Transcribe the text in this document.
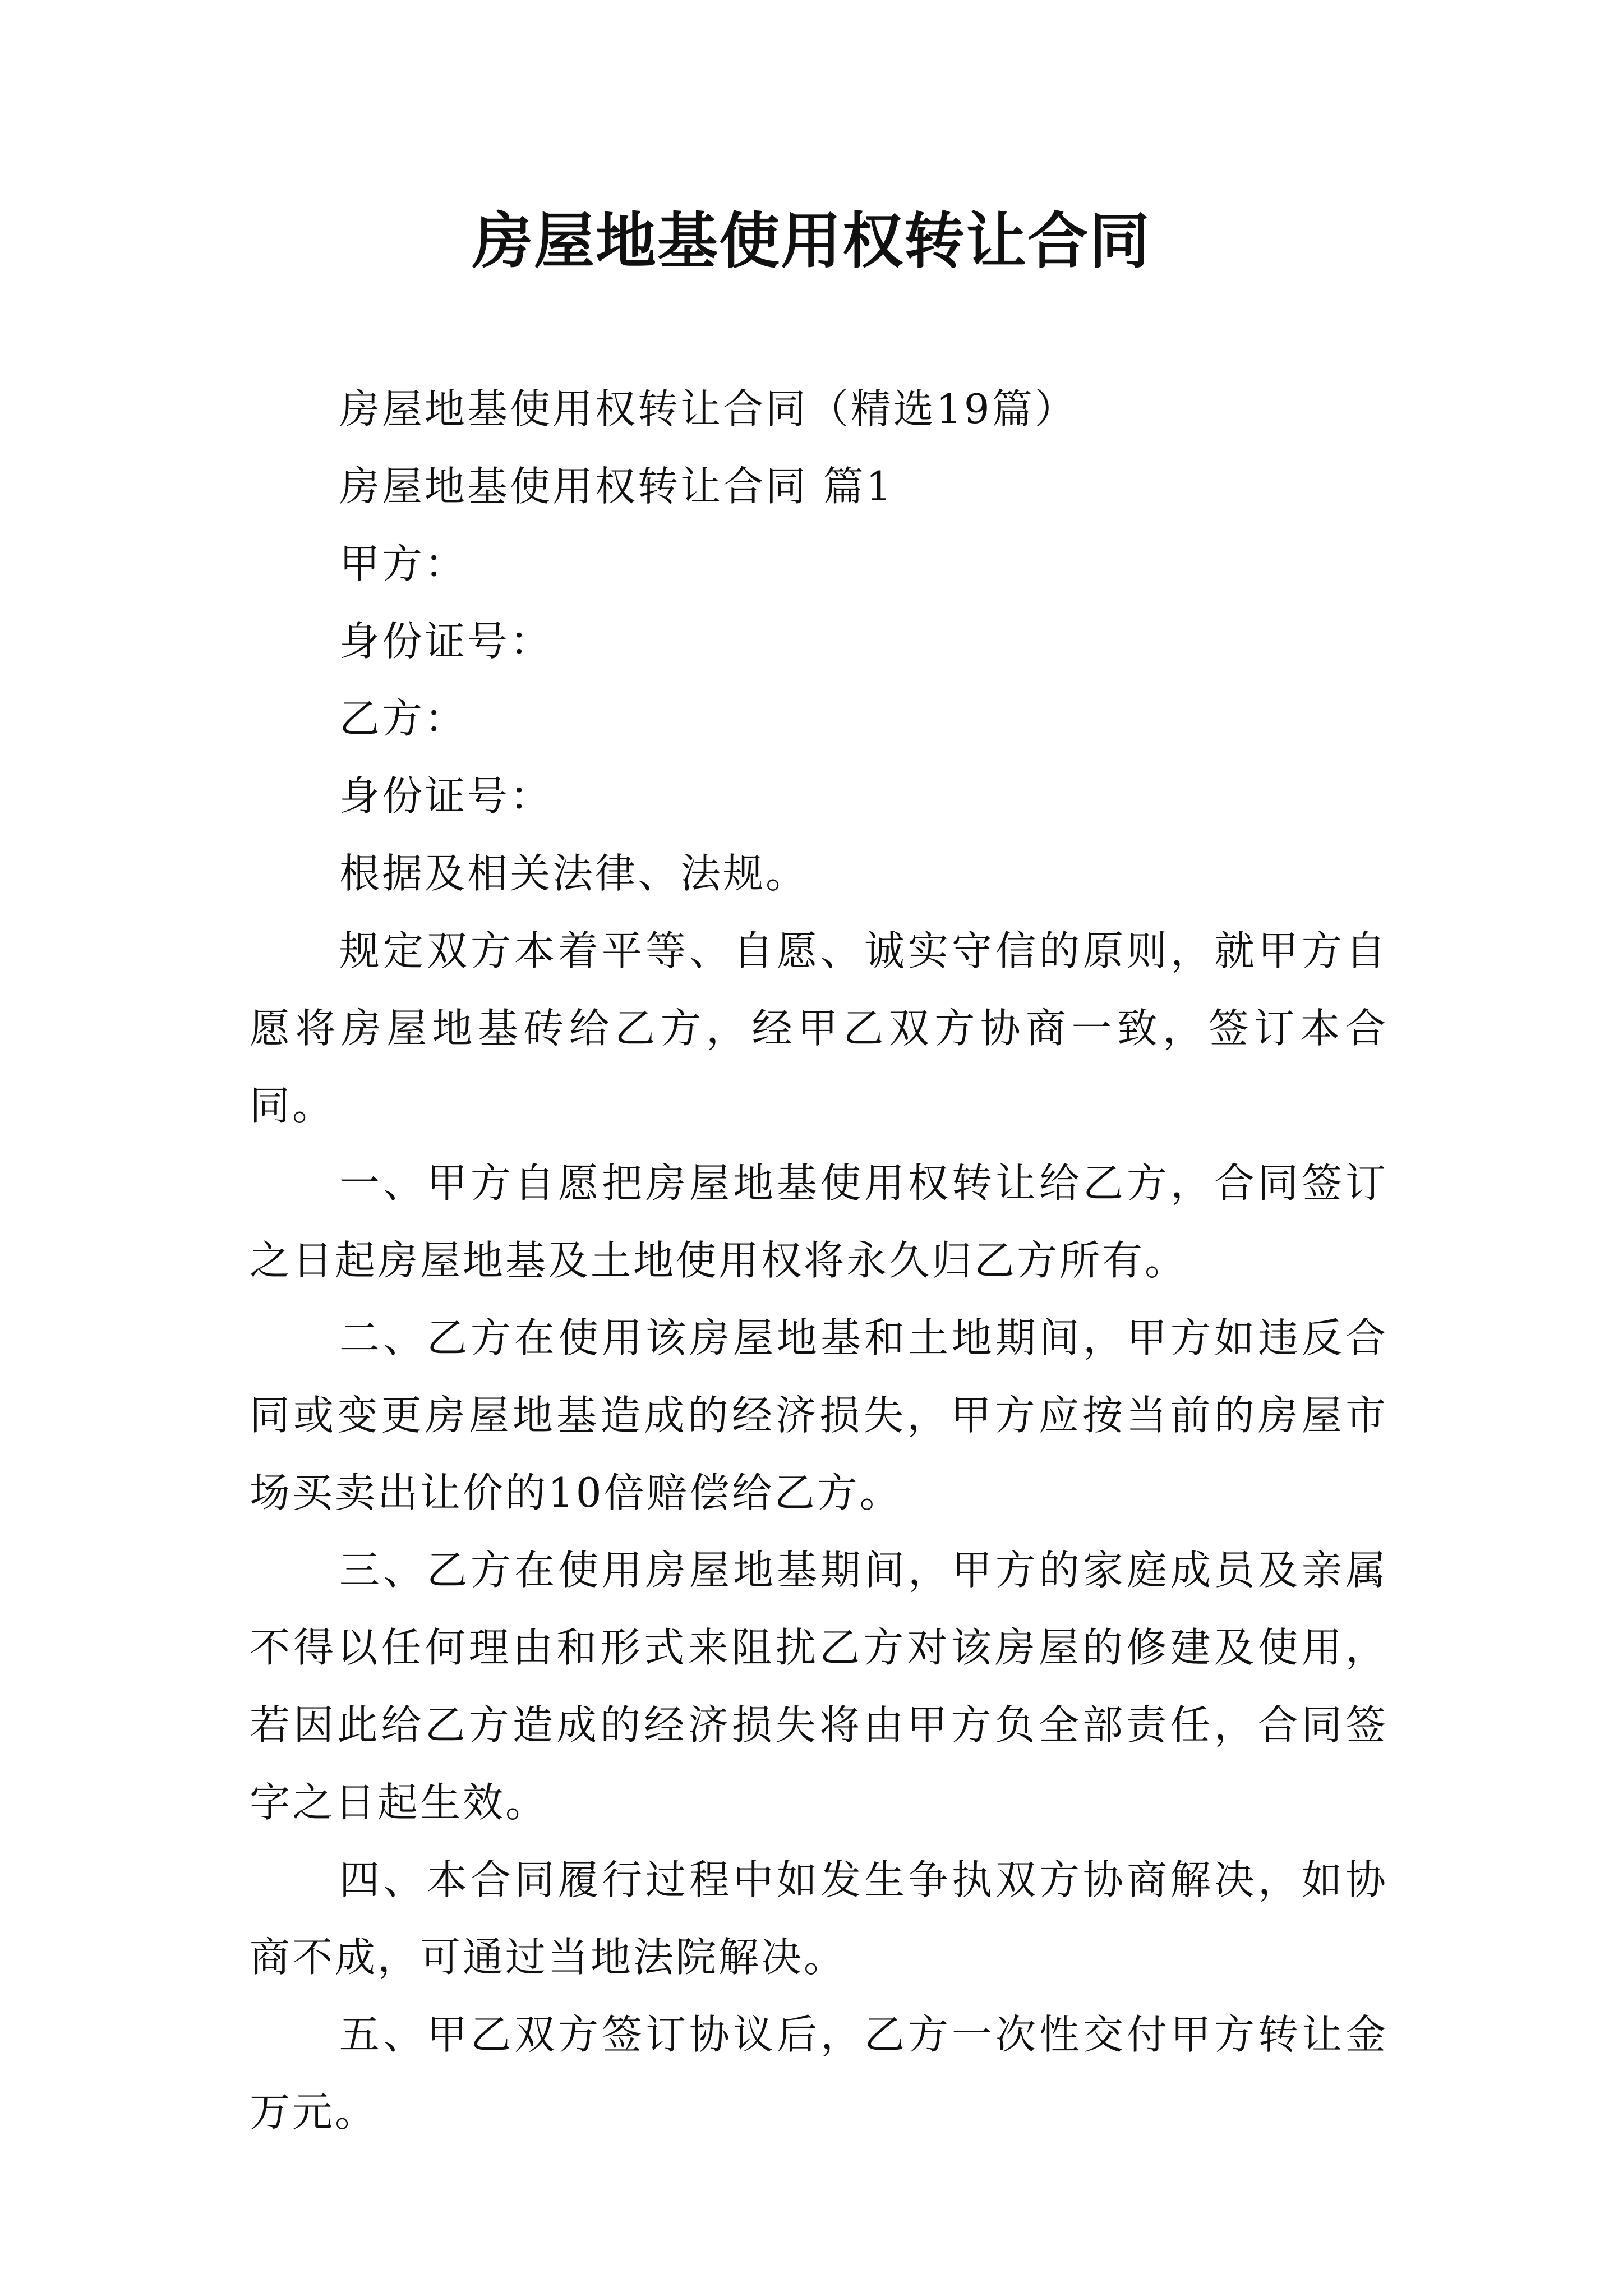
房屋地基使用权转让合同

房屋地基使用权转让合同（精选19篇）

房屋地基使用权转让合同 篇1

甲方：

身份证号：

乙方：

身份证号：

根据及相关法律、法规。

规定双方本着平等、自愿、诚实守信的原则，就甲方自愿将房屋地基砖给乙方，经甲乙双方协商一致，签订本合同。

一、甲方自愿把房屋地基使用权转让给乙方，合同签订之日起房屋地基及土地使用权将永久归乙方所有。

二、乙方在使用该房屋地基和土地期间，甲方如违反合同或变更房屋地基造成的经济损失，甲方应按当前的房屋市场买卖出让价的10倍赔偿给乙方。

三、乙方在使用房屋地基期间，甲方的家庭成员及亲属不得以任何理由和形式来阻扰乙方对该房屋的修建及使用，若因此给乙方造成的经济损失将由甲方负全部责任，合同签字之日起生效。

四、本合同履行过程中如发生争执双方协商解决，如协商不成，可通过当地法院解决。

五、甲乙双方签订协议后，乙方一次性交付甲方转让金万元。
